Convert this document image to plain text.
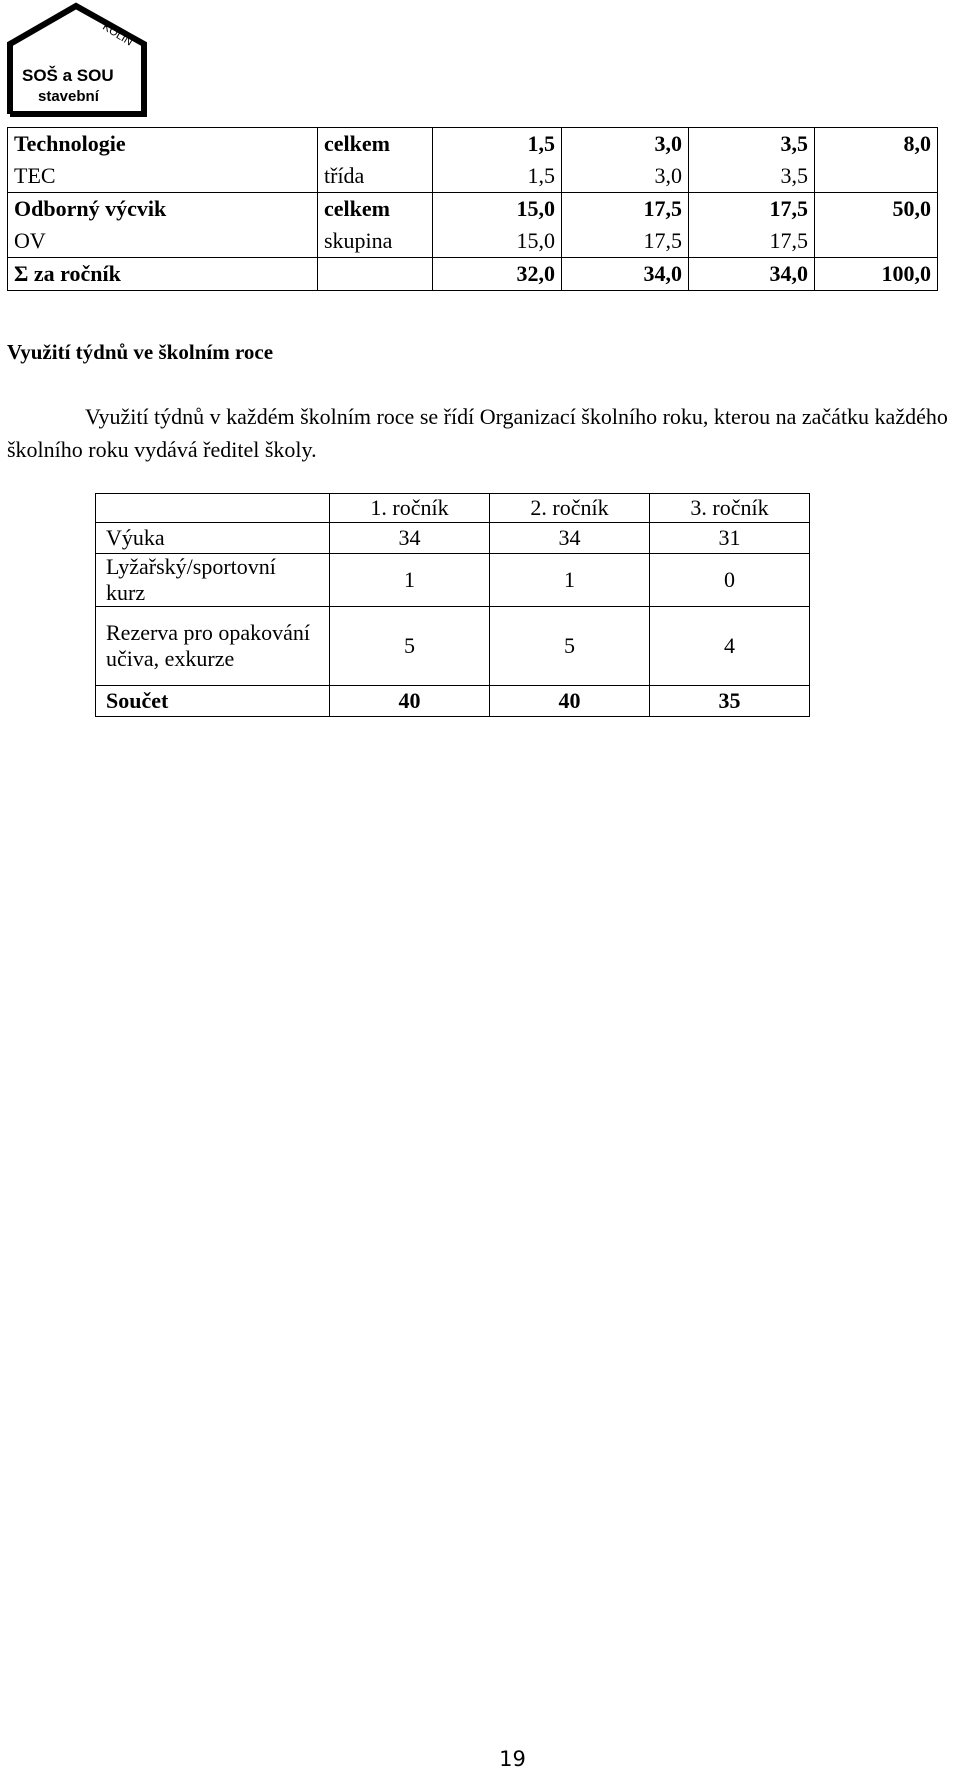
KOLÍN
SOŠ a SOU
stavební
Technologie	celkem	1,5	3,0	3,5	8,0
TEC	třída	1,5	3,0	3,5	
Odborný výcvik	celkem	15,0	17,5	17,5	50,0
OV	skupina	15,0	17,5	17,5	
Σ za ročník		32,0	34,0	34,0	100,0
Využití týdnů ve školním roce

Využití týdnů v každém školním roce se řídí Organizací školního roku, kterou na začátku každého školního roku vydává ředitel školy.

	1. ročník	2. ročník	3. ročník
Výuka	34	34	31
Lyžařský/sportovní kurz	1	1	0
Rezerva pro opakování učiva, exkurze	5	5	4
Součet	40	40	35
19
